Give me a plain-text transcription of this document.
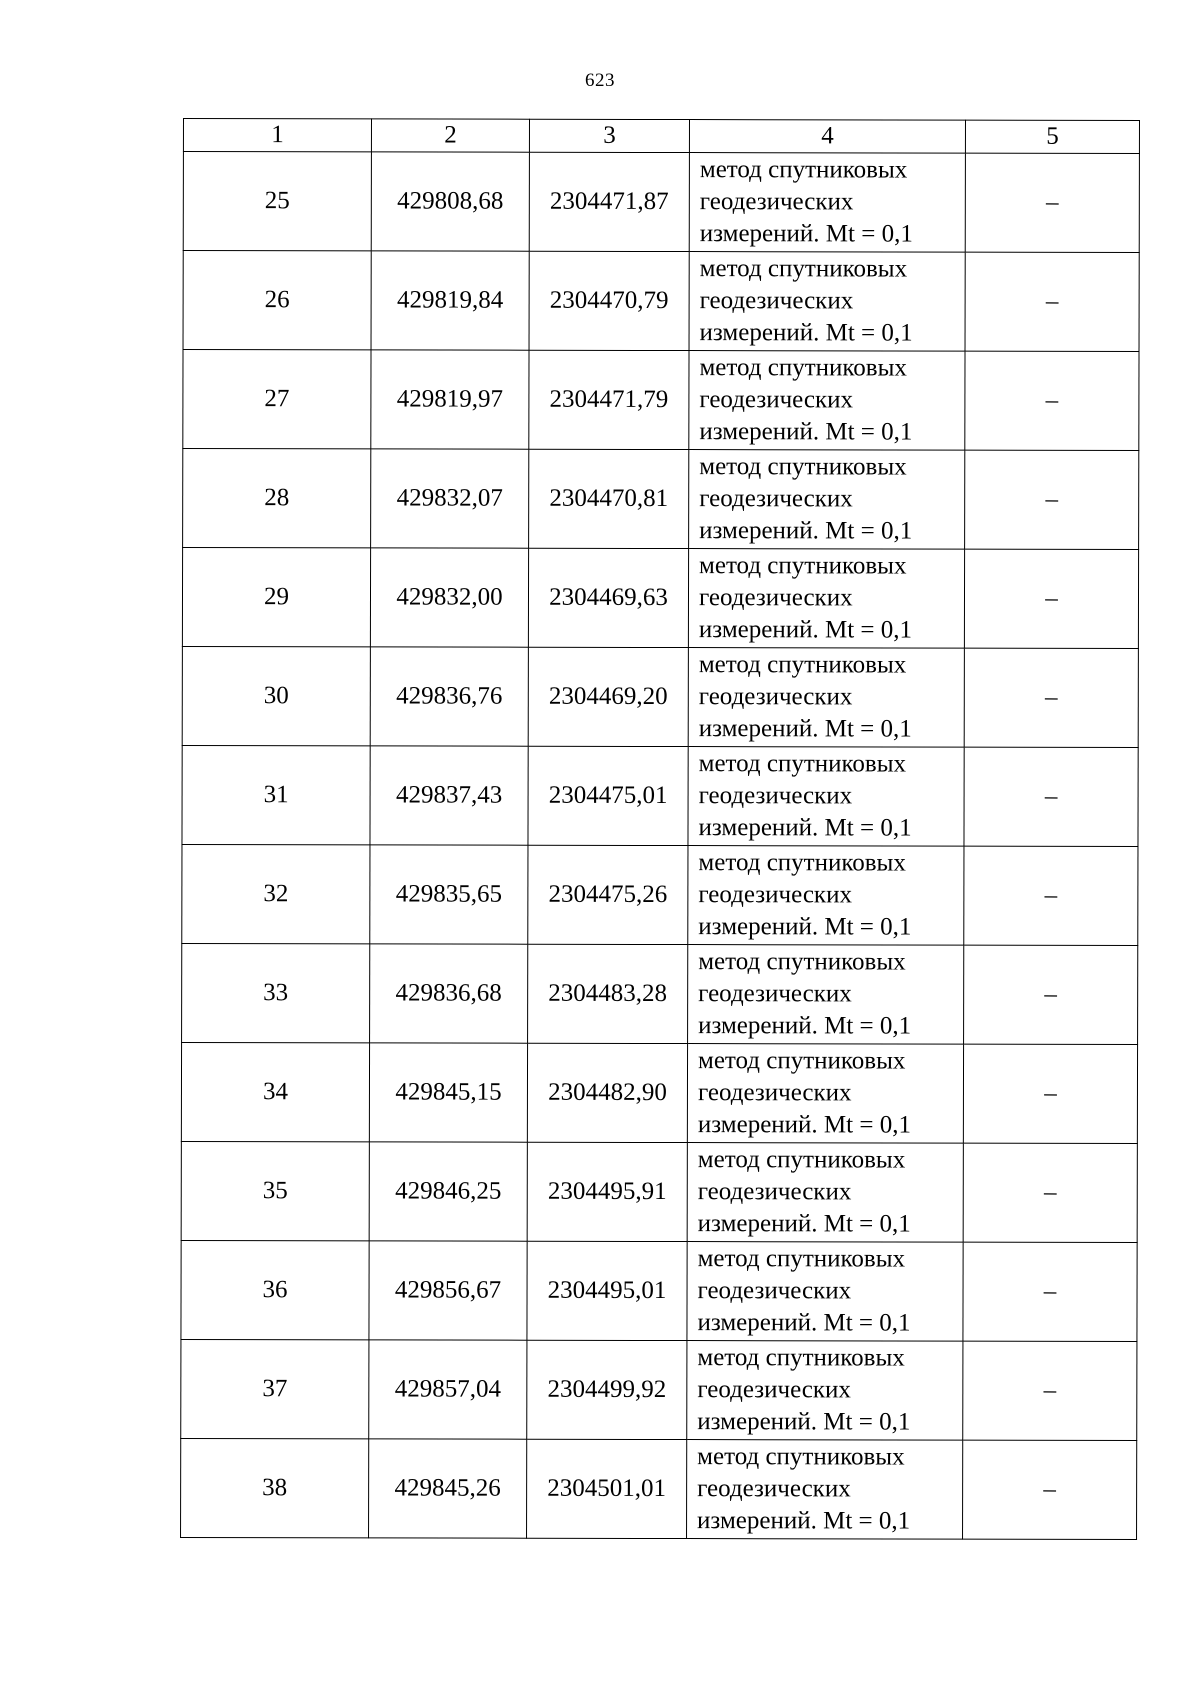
623
1	2	3	4	5
25	429808,68	2304471,87	метод спутниковых
геодезических
измерений. Mt = 0,1	–
26	429819,84	2304470,79	метод спутниковых
геодезических
измерений. Mt = 0,1	–
27	429819,97	2304471,79	метод спутниковых
геодезических
измерений. Mt = 0,1	–
28	429832,07	2304470,81	метод спутниковых
геодезических
измерений. Mt = 0,1	–
29	429832,00	2304469,63	метод спутниковых
геодезических
измерений. Mt = 0,1	–
30	429836,76	2304469,20	метод спутниковых
геодезических
измерений. Mt = 0,1	–
31	429837,43	2304475,01	метод спутниковых
геодезических
измерений. Mt = 0,1	–
32	429835,65	2304475,26	метод спутниковых
геодезических
измерений. Mt = 0,1	–
33	429836,68	2304483,28	метод спутниковых
геодезических
измерений. Mt = 0,1	–
34	429845,15	2304482,90	метод спутниковых
геодезических
измерений. Mt = 0,1	–
35	429846,25	2304495,91	метод спутниковых
геодезических
измерений. Mt = 0,1	–
36	429856,67	2304495,01	метод спутниковых
геодезических
измерений. Mt = 0,1	–
37	429857,04	2304499,92	метод спутниковых
геодезических
измерений. Mt = 0,1	–
38	429845,26	2304501,01	метод спутниковых
геодезических
измерений. Mt = 0,1	–
